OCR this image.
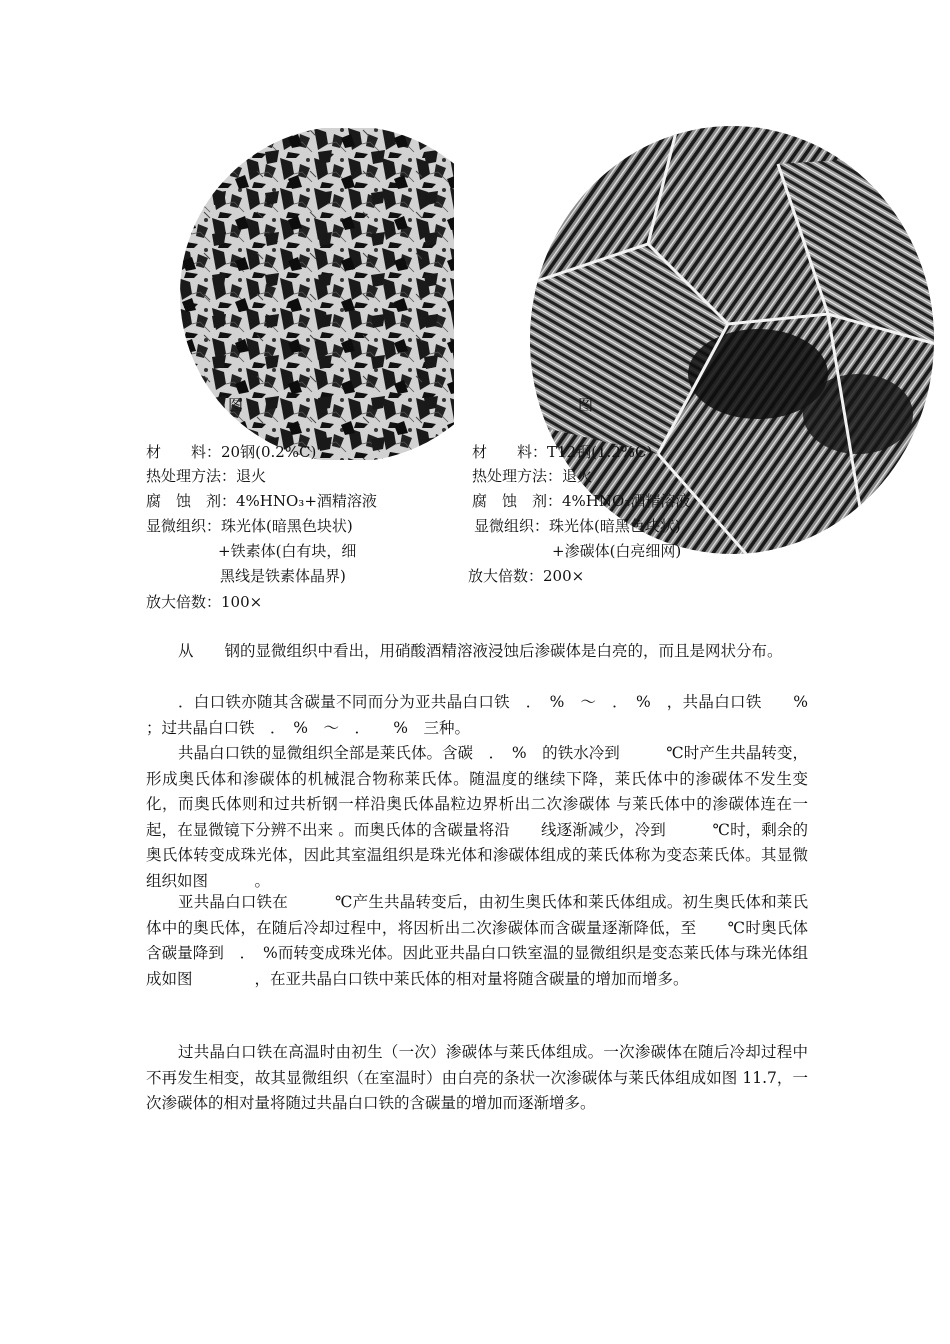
图	图
材　　料：20钢(0.2%C)
热处理方法：退火
腐　蚀　剂：4%HNO₃+酒精溶液
显微组织：珠光体(暗黑色块状)
+铁素体(白有块，细
黑线是铁素体晶界)
放大倍数：100×
材　　料：T12钢(1.2%C)
热处理方法：退火
腐　蚀　剂：4%HNO₃酒精溶液
显微组织：珠光体(暗黑色块状)
+渗碳体(白亮细网)
放大倍数：200×
从　　钢的显微组织中看出，用硝酸酒精溶液浸蚀后渗碳体是白亮的，而且是网状分布。
．白口铁亦随其含碳量不同而分为亚共晶白口铁　．　%　～　．　%　，共晶白口铁　　%　；过共晶白口铁　．　%　～　．　　%　三种。
共晶白口铁的显微组织全部是莱氏体。含碳　．　%　的铁水冷到　　　℃时产生共晶转变，形成奥氏体和渗碳体的机械混合物称莱氏体。随温度的继续下降，莱氏体中的渗碳体不发生变化，而奥氏体则和过共析钢一样沿奥氏体晶粒边界析出二次渗碳体 与莱氏体中的渗碳体连在一起，在显微镜下分辨不出来 。而奥氏体的含碳量将沿　　线逐渐减少，冷到　　　℃时，剩余的奥氏体转变成珠光体，因此其室温组织是珠光体和渗碳体组成的莱氏体称为变态莱氏体。其显微组织如图　　　。
亚共晶白口铁在　　　℃产生共晶转变后，由初生奥氏体和莱氏体组成。初生奥氏体和莱氏体中的奥氏体，在随后冷却过程中，将因析出二次渗碳体而含碳量逐渐降低，至　　℃时奥氏体含碳量降到　．　%而转变成珠光体。因此亚共晶白口铁室温的显微组织是变态莱氏体与珠光体组成如图　　　　，在亚共晶白口铁中莱氏体的相对量将随含碳量的增加而增多。
过共晶白口铁在高温时由初生（一次）渗碳体与莱氏体组成。一次渗碳体在随后冷却过程中不再发生相变，故其显微组织（在室温时）由白亮的条状一次渗碳体与莱氏体组成如图 11.7，一次渗碳体的相对量将随过共晶白口铁的含碳量的增加而逐渐增多。
